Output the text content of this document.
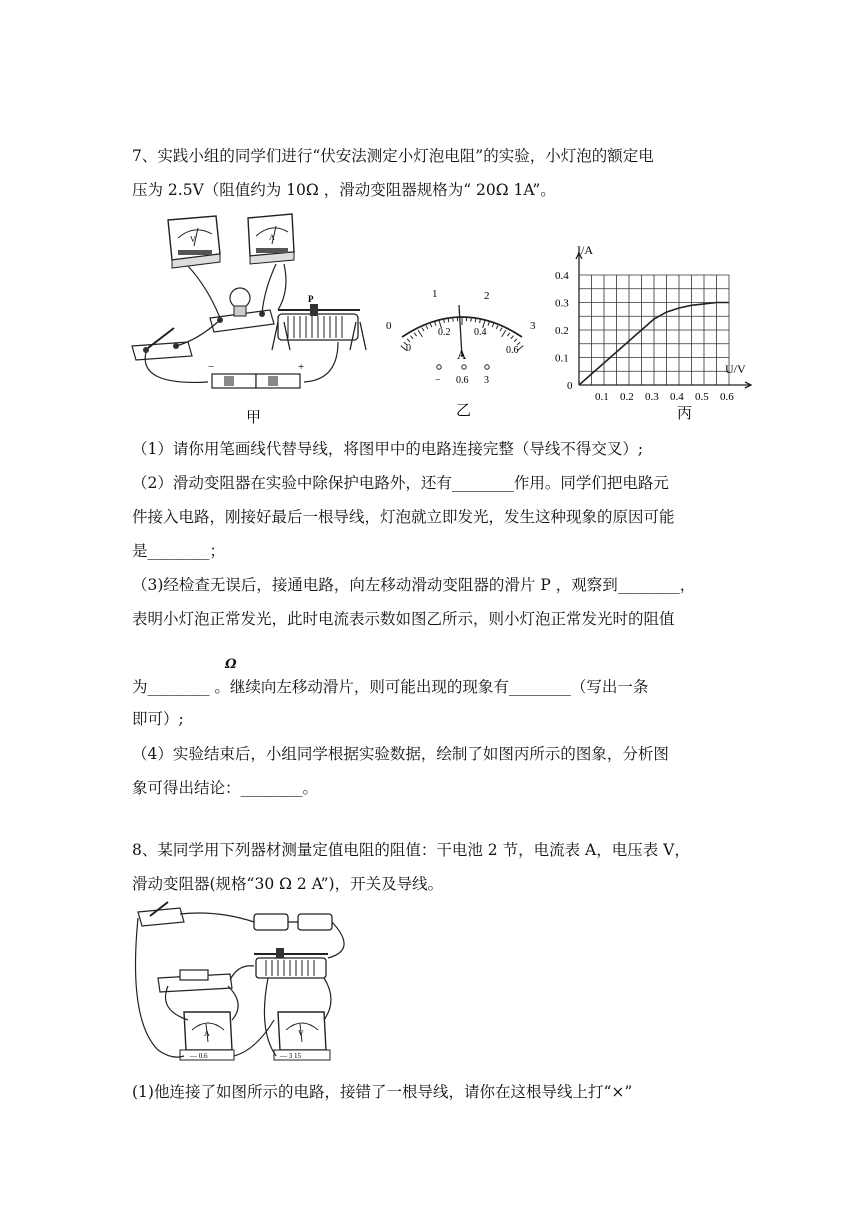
7、实践小组的同学们进行“伏安法测定小灯泡电阻”的实验，小灯泡的额定电
压为 2.5V（阻值约为 10Ω ，滑动变阻器规格为“ 20Ω 1A”。
V	A
P
−	+
甲
0
1	2
3
0
0.2 0.4
0.6
A
− 0.6 3
乙
0
0.1
0.2
0.3
0.4
0.1 0.2 0.3 0.4 0.5 0.6
I/A
U/V
丙
（1）请你用笔画线代替导线，将图甲中的电路连接完整（导线不得交叉）;
（2）滑动变阻器在实验中除保护电路外，还有________作用。同学们把电路元
件接入电路，刚接好最后一根导线，灯泡就立即发光，发生这种现象的原因可能
是________；
（3)经检查无误后，接通电路，向左移动滑动变阻器的滑片 P ，观察到________，
表明小灯泡正常发光，此时电流表示数如图乙所示，则小灯泡正常发光时的阻值
Ω
为________ 。继续向左移动滑片，则可能出现的现象有________（写出一条
即可）;
（4）实验结束后，小组同学根据实验数据，绘制了如图丙所示的图象，分析图
象可得出结论：________。
8、某同学用下列器材测量定值电阻的阻值：干电池 2 节，电流表 A，电压表 V，
滑动变阻器(规格“30 Ω 2 A”)，开关及导线。
A
— 0.6
V
— 3 15
(1)他连接了如图所示的电路，接错了一根导线，请你在这根导线上打“×”
